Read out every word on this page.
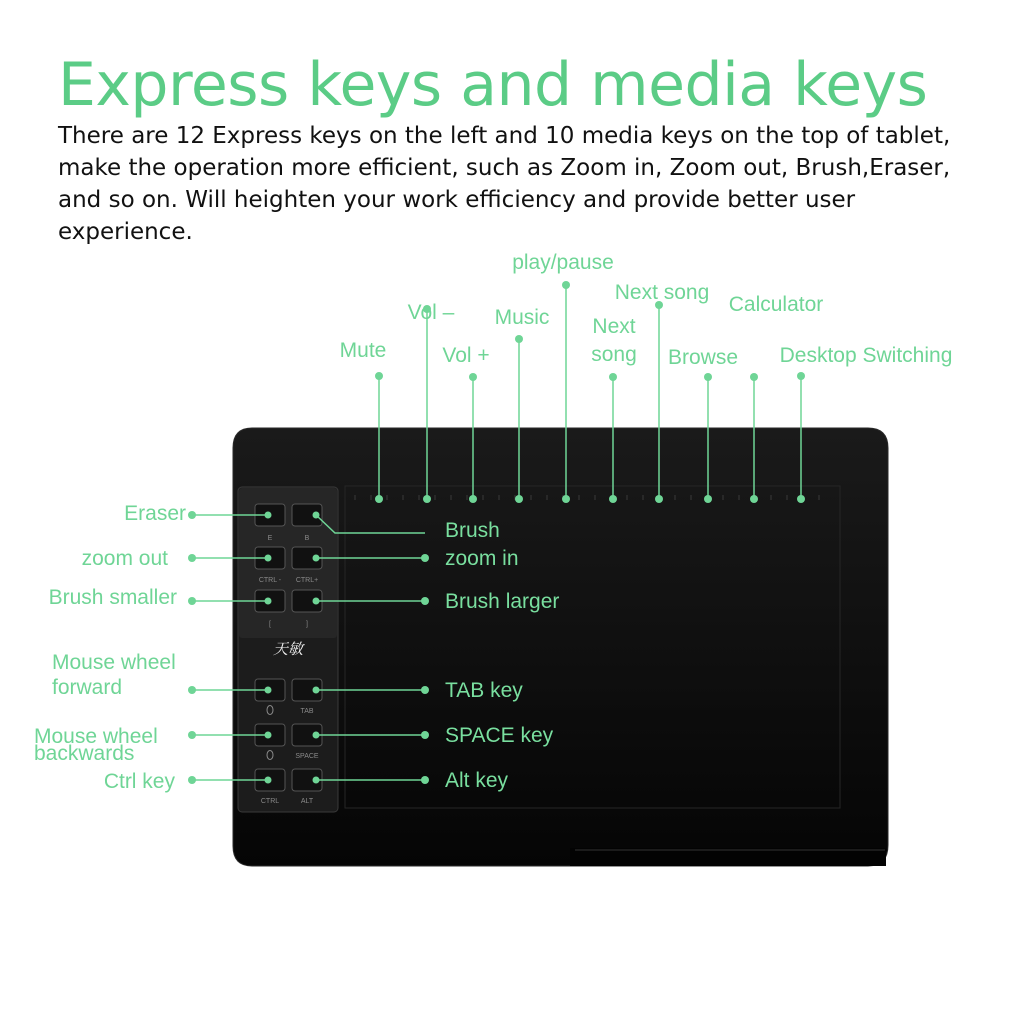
Express keys and media keys

There are 12 Express keys on the left and 10 media keys on the top of tablet, make the operation more efficient, such as Zoom in, Zoom out, Brush,Eraser, and so on. Will heighten your work efficiency and provide better user experience.

天敏
E	B
CTRL - CTRL+
[	]
TAB
SPACE
CTRL	ALT
Mute
Vol –
Vol +
Music
play/pause
Next song
Next song
Browse
Calculator
Desktop Switching
Eraser
zoom out
Brush smaller
Mouse wheel forward
Mouse wheel backwards
Ctrl key
Brush
zoom in
Brush larger
TAB key
SPACE key
Alt key
